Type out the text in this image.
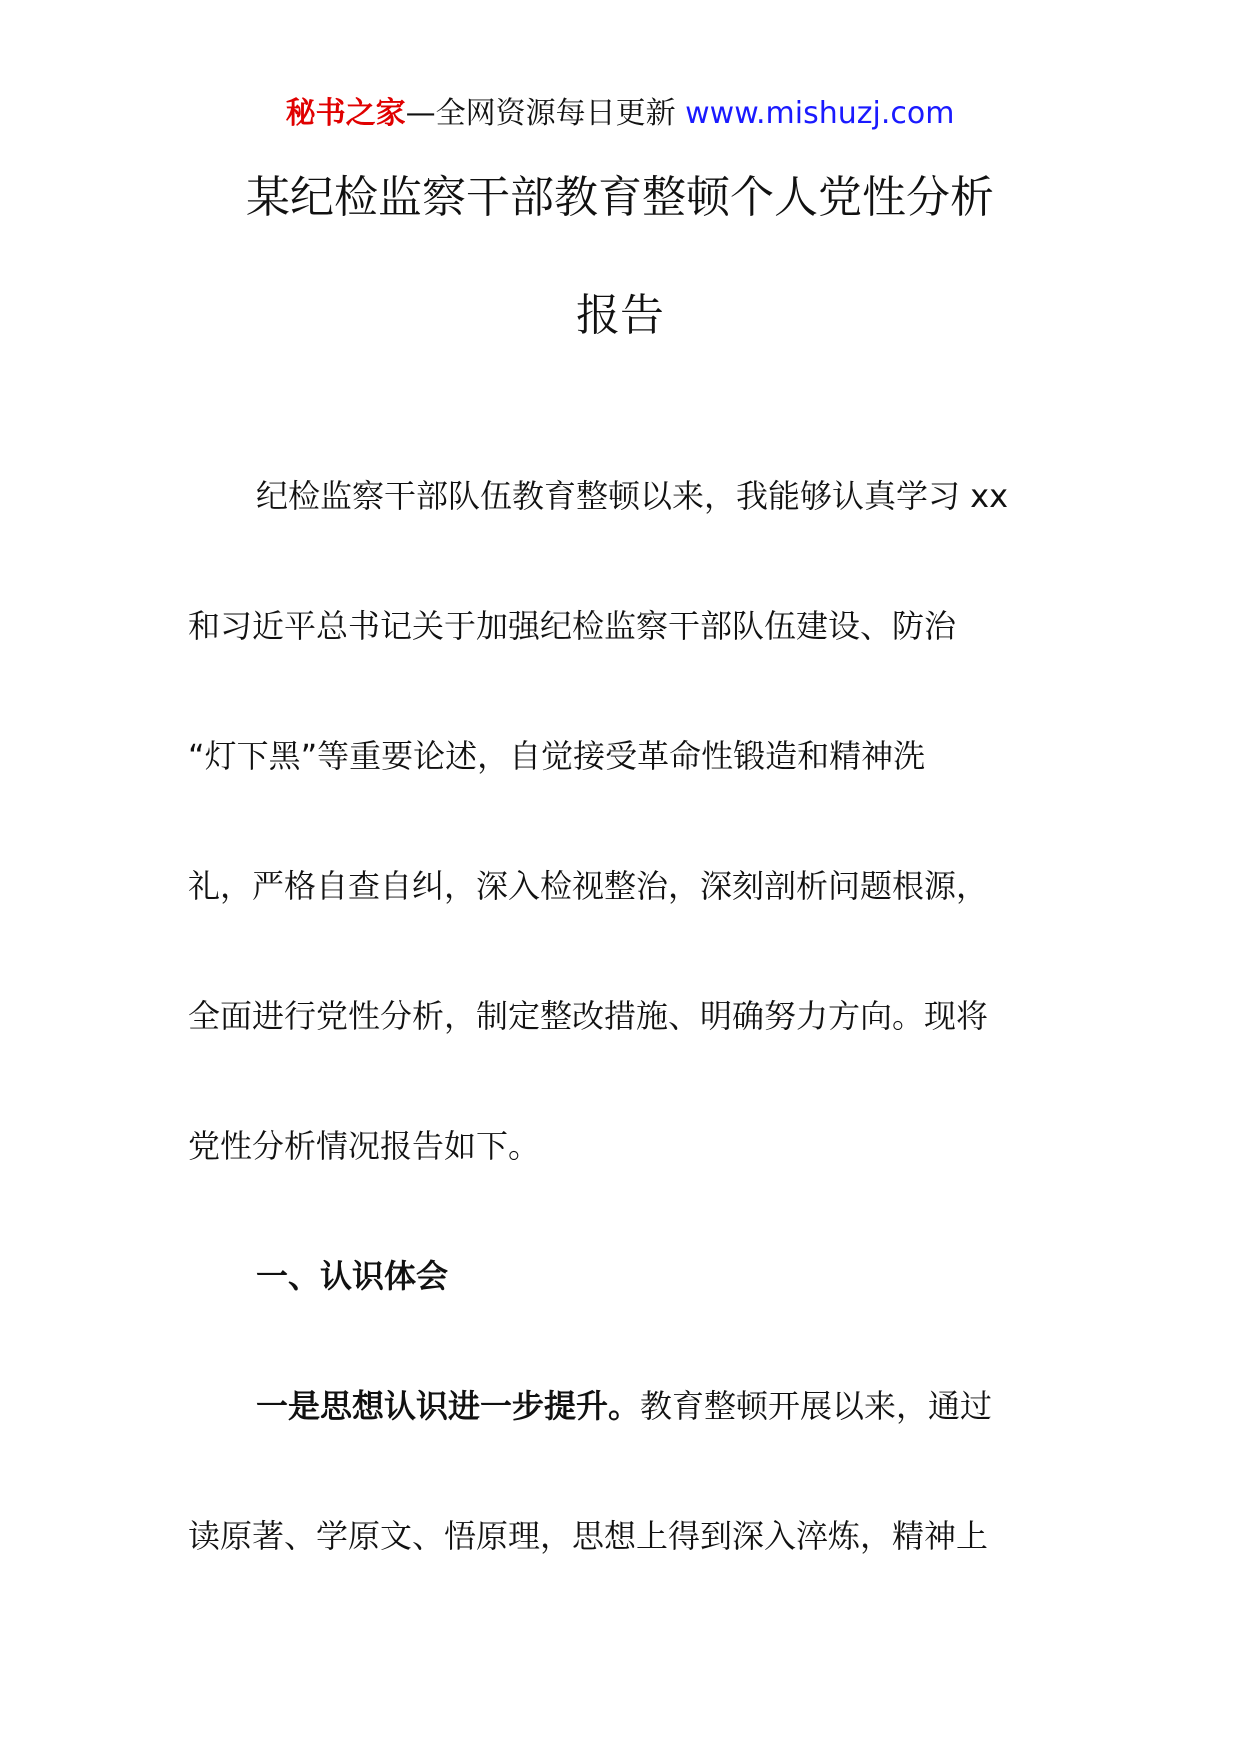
秘书之家—全网资源每日更新 www.mishuzj.com
某纪检监察干部教育整顿个人党性分析
报告
纪检监察干部队伍教育整顿以来，我能够认真学习 xx
和习近平总书记关于加强纪检监察干部队伍建设、防治
“灯下黑”等重要论述，自觉接受革命性锻造和精神洗
礼，严格自查自纠，深入检视整治，深刻剖析问题根源，
全面进行党性分析，制定整改措施、明确努力方向。现将
党性分析情况报告如下。
一、认识体会
一是思想认识进一步提升。教育整顿开展以来，通过
读原著、学原文、悟原理，思想上得到深入淬炼，精神上
